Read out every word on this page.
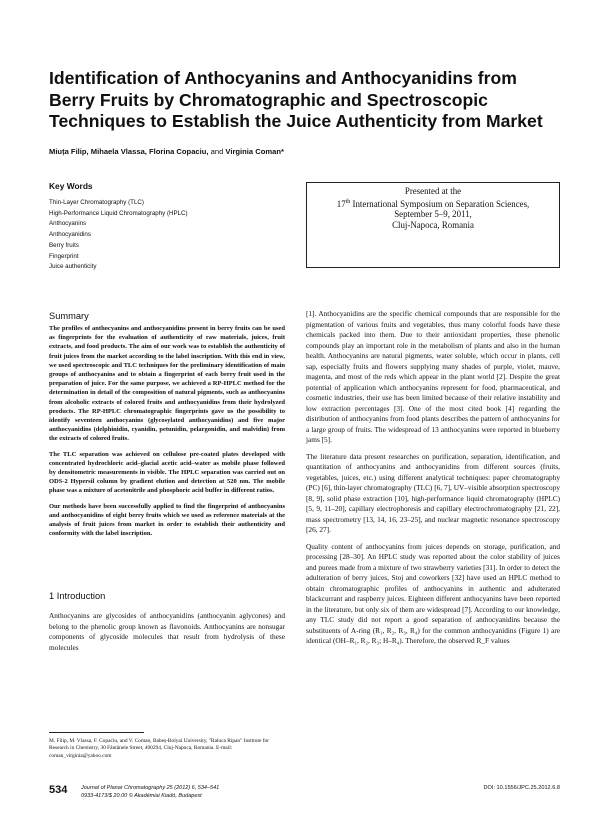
Identification of Anthocyanins and Anthocyanidins from Berry Fruits by Chromatographic and Spectroscopic Techniques to Establish the Juice Authenticity from Market
Miuța Filip, Mihaela Vlassa, Florina Copaciu, and Virginia Coman*
Key Words
Thin-Layer Chromatography (TLC)
High-Performance Liquid Chromatography (HPLC)
Anthocyanins
Anthocyanidins
Berry fruits
Fingerprint
Juice authenticity
Presented at the
17th International Symposium on Separation Sciences,
September 5–9, 2011,
Cluj-Napoca, Romania
Summary

The profiles of anthocyanins and anthocyanidins present in berry fruits can be used as fingerprints for the evaluation of authenticity of raw materials, juices, fruit extracts, and food products. The aim of our work was to establish the authenticity of fruit juices from the market according to the label inscription. With this end in view, we used spectroscopic and TLC techniques for the preliminary identification of main groups of anthocyanins and to obtain a fingerprint of each berry fruit used in the preparation of juice. For the same purpose, we achieved a RP-HPLC method for the determination in detail of the composition of natural pigments, such as anthocyanins from alcoholic extracts of colored fruits and anthocyanidins from their hydrolyzed products. The RP-HPLC chromatographic fingerprints gave us the possibility to identify seventeen anthocyanins (glycosylated anthocyanidins) and five major anthocyanidins (delphinidin, cyanidin, petunidin, pelargonidin, and malvidin) from the extracts of colored fruits.

The TLC separation was achieved on cellulose pre-coated plates developed with concentrated hydrochloric acid–glacial acetic acid–water as mobile phase followed by densitometric measurements in visible. The HPLC separation was carried out on ODS-2 Hypersil column by gradient elution and detection at 520 nm. The mobile phase was a mixture of acetonitrile and phosphoric acid buffer in different ratios.

Our methods have been successfully applied to find the fingerprint of anthocyanins and anthocyanidins of eight berry fruits which we used as reference materials at the analysis of fruit juices from market in order to establish their authenticity and conformity with the label inscription.

1 Introduction

Anthocyanins are glycosides of anthocyanidins (anthocyanin aglycones) and belong to the phenolic group known as flavonoids. Anthocyanins are nonsugar components of glycoside molecules that result from hydrolysis of these molecules

[1]. Anthocyanidins are the specific chemical compounds that are responsible for the pigmentation of various fruits and vegetables, thus many colorful foods have these chemicals packed into them. Due to their antioxidant properties, these phenolic compounds play an important role in the metabolism of plants and also in the human health. Anthocyanins are natural pigments, water soluble, which occur in plants, cell sap, especially fruits and flowers supplying many shades of purple, violet, mauve, magenta, and most of the reds which appear in the plant world [2]. Despite the great potential of application which anthocyanins represent for food, pharmaceutical, and cosmetic industries, their use has been limited because of their relative instability and low extraction percentages [3]. One of the most cited book [4] regarding the distribution of anthocyanins from food plants describes the pattern of anthocyanins for a large group of fruits. The widespread of 13 anthocyanins were reported in blueberry jams [5].

The literature data present researches on purification, separation, identification, and quantitation of anthocyanins and anthocyanidins from different sources (fruits, vegetables, juices, etc.) using different analytical techniques: paper chromatography (PC) [6], thin-layer chromatography (TLC) [6, 7], UV–visible absorption spectroscopy [8, 9], solid phase extraction [10], high-performance liquid chromatography (HPLC) [5, 9, 11–20], capillary electrophoresis and capillary electrochromatography [21, 22], mass spectrometry [13, 14, 16, 23–25], and nuclear magnetic resonance spectroscopy [26, 27].

Quality content of anthocyanins from juices depends on storage, purification, and processing [28–30]. An HPLC study was reported about the color stability of juices and purees made from a mixture of two strawberry varieties [31]. In order to detect the adulteration of berry juices, Stoj and coworkers [32] have used an HPLC method to obtain chromatographic profiles of anthocyanins in authentic and adulterated blackcurrant and raspberry juices. Eighteen different anthocyanins have been reported in the literature, but only six of them are widespread [7]. According to our knowledge, any TLC study did not report a good separation of anthocyanidins because the substituents of A-ring (R₁, R₂, R₃, R₄) for the common anthocyanidins (Figure 1) are identical (OH–R₁, R₂, R₃; H–R₄). Therefore, the observed R_F values

M. Filip, M. Vlassa, F. Copaciu, and V. Coman, Babeș-Bolyai University, "Raluca Ripan" Institute for Research in Chemistry, 30 Fântânele Street, 400294, Cluj-Napoca, Romania. E-mail: coman_virginia@yahoo.com
534 Journal of Planar Chromatography 25 (2012) 6, 534–541
0933-4173/$ 20.00 © Akadémiai Kiadó, Budapest
DOI: 10.1556/JPC.25.2012.6.8
